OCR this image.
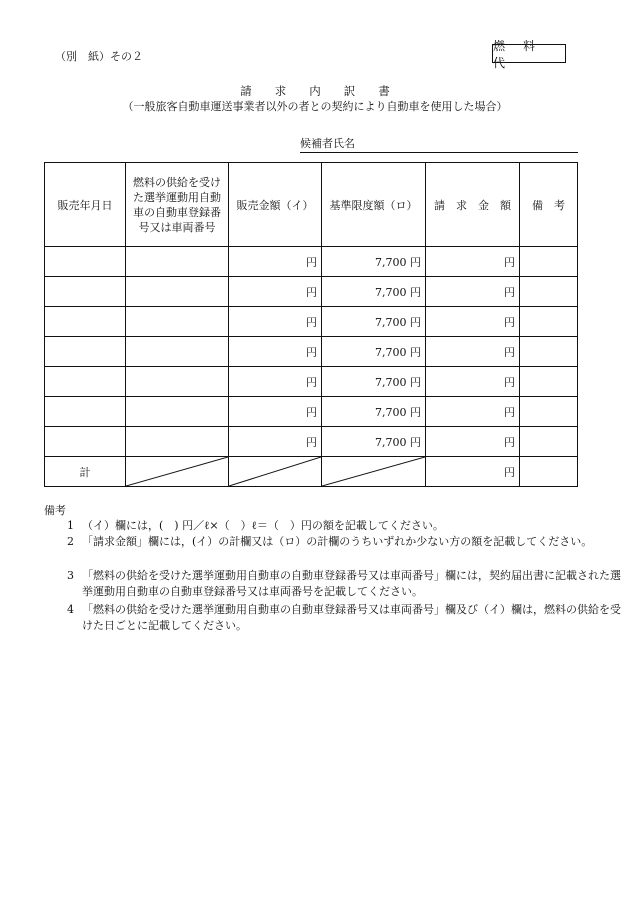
（別　紙）その２
燃　料　代
請　　求　　内　　訳　　書
（一般旅客自動車運送事業者以外の者との契約により自動車を使用した場合）
候補者氏名
販売年月日	燃料の供給を受けた選挙運動用自動車の自動車登録番号又は車両番号	販売金額（イ）	基準限度額（ロ）	請　求　金　額	備　考
		円	7,700 円	円	
		円	7,700 円	円	
		円	7,700 円	円	
		円	7,700 円	円	
		円	7,700 円	円	
		円	7,700 円	円	
		円	7,700 円	円	
計				円	
備考
1 （イ）欄には，(　) 円／ℓ×（　）ℓ＝（　）円の額を記載してください。
2 「請求金額」欄には，(イ）の計欄又は（ロ）の計欄のうちいずれか少ない方の額を記載してください。
3 「燃料の供給を受けた選挙運動用自動車の自動車登録番号又は車両番号」欄には，契約届出書に記載された選挙運動用自動車の自動車登録番号又は車両番号を記載してください。
4 「燃料の供給を受けた選挙運動用自動車の自動車登録番号又は車両番号」欄及び（イ）欄は，燃料の供給を受けた日ごとに記載してください。
